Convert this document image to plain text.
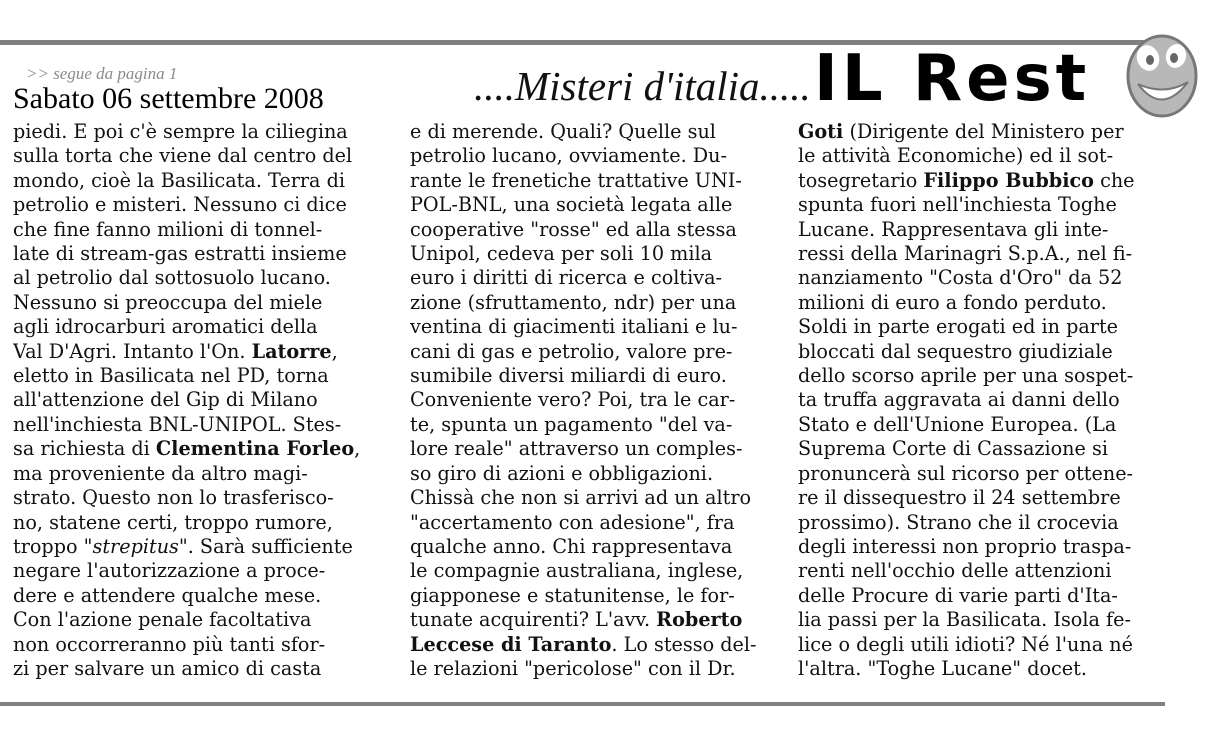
>> segue da pagina 1
Sabato 06 settembre 2008	....Misteri d'italia..... IL Rest
piedi. E poi c'è sempre la ciliegina
sulla torta che viene dal centro del
mondo, cioè la Basilicata. Terra di
petrolio e misteri. Nessuno ci dice
che fine fanno milioni di tonnel-
late di stream-gas estratti insieme
al petrolio dal sottosuolo lucano.
Nessuno si preoccupa del miele
agli idrocarburi aromatici della
Val D'Agri. Intanto l'On. Latorre,
eletto in Basilicata nel PD, torna
all'attenzione del Gip di Milano
nell'inchiesta BNL-UNIPOL. Stes-
sa richiesta di Clementina Forleo,
ma proveniente da altro magi-
strato. Questo non lo trasferisco-
no, statene certi, troppo rumore,
troppo "strepitus". Sarà sufficiente
negare l'autorizzazione a proce-
dere e attendere qualche mese.
Con l'azione penale facoltativa
non occorreranno più tanti sfor-
zi per salvare un amico di casta
e di merende. Quali? Quelle sul
petrolio lucano, ovviamente. Du-
rante le frenetiche trattative UNI-
POL-BNL, una società legata alle
cooperative "rosse" ed alla stessa
Unipol, cedeva per soli 10 mila
euro i diritti di ricerca e coltiva-
zione (sfruttamento, ndr) per una
ventina di giacimenti italiani e lu-
cani di gas e petrolio, valore pre-
sumibile diversi miliardi di euro.
Conveniente vero? Poi, tra le car-
te, spunta un pagamento "del va-
lore reale" attraverso un comples-
so giro di azioni e obbligazioni.
Chissà che non si arrivi ad un altro
"accertamento con adesione", fra
qualche anno. Chi rappresentava
le compagnie australiana, inglese,
giapponese e statunitense, le for-
tunate acquirenti? L'avv. Roberto
Leccese di Taranto. Lo stesso del-
le relazioni "pericolose" con il Dr.
Goti (Dirigente del Ministero per
le attività Economiche) ed il sot-
tosegretario Filippo Bubbico che
spunta fuori nell'inchiesta Toghe
Lucane. Rappresentava gli inte-
ressi della Marinagri S.p.A., nel fi-
nanziamento "Costa d'Oro" da 52
milioni di euro a fondo perduto.
Soldi in parte erogati ed in parte
bloccati dal sequestro giudiziale
dello scorso aprile per una sospet-
ta truffa aggravata ai danni dello
Stato e dell'Unione Europea. (La
Suprema Corte di Cassazione si
pronuncerà sul ricorso per ottene-
re il dissequestro il 24 settembre
prossimo). Strano che il crocevia
degli interessi non proprio traspa-
renti nell'occhio delle attenzioni
delle Procure di varie parti d'Ita-
lia passi per la Basilicata. Isola fe-
lice o degli utili idioti? Né l'una né
l'altra. "Toghe Lucane" docet.
